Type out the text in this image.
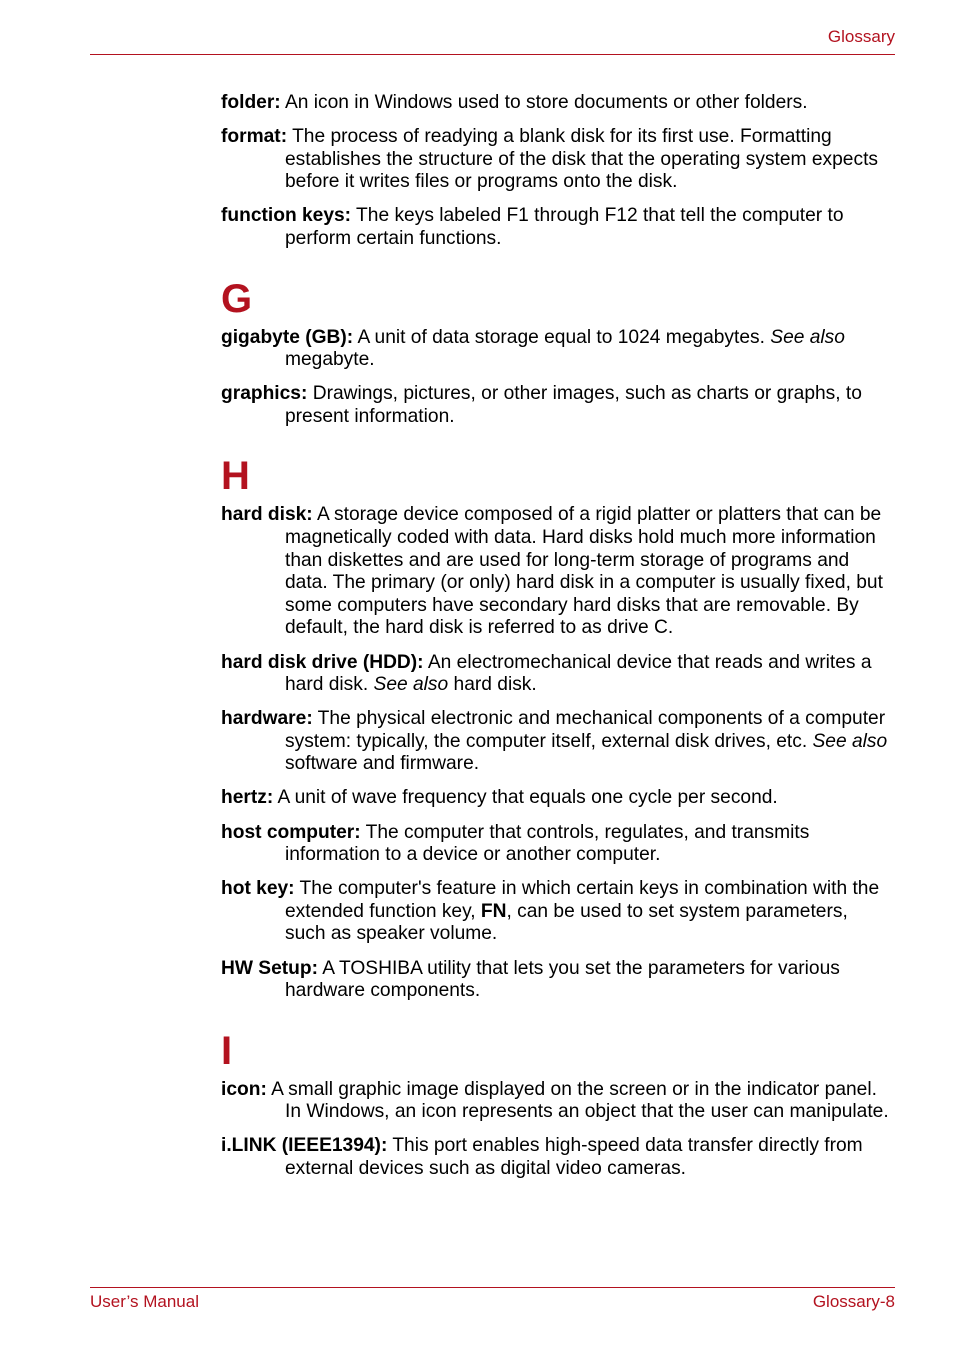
Glossary

folder: An icon in Windows used to store documents or other folders.

format: The process of readying a blank disk for its first use. Formatting establishes the structure of the disk that the operating system expects before it writes files or programs onto the disk.

function keys: The keys labeled F1 through F12 that tell the computer to perform certain functions.

G

gigabyte (GB): A unit of data storage equal to 1024 megabytes. See also megabyte.

graphics: Drawings, pictures, or other images, such as charts or graphs, to present information.

H

hard disk: A storage device composed of a rigid platter or platters that can be magnetically coded with data. Hard disks hold much more information than diskettes and are used for long-term storage of programs and data. The primary (or only) hard disk in a computer is usually fixed, but some computers have secondary hard disks that are removable. By default, the hard disk is referred to as drive C.

hard disk drive (HDD): An electromechanical device that reads and writes a hard disk. See also hard disk.

hardware: The physical electronic and mechanical components of a computer system: typically, the computer itself, external disk drives, etc. See also software and firmware.

hertz: A unit of wave frequency that equals one cycle per second.

host computer: The computer that controls, regulates, and transmits information to a device or another computer.

hot key: The computer's feature in which certain keys in combination with the extended function key, FN, can be used to set system parameters, such as speaker volume.

HW Setup: A TOSHIBA utility that lets you set the parameters for various hardware components.

I

icon: A small graphic image displayed on the screen or in the indicator panel. In Windows, an icon represents an object that the user can manipulate.

i.LINK (IEEE1394): This port enables high-speed data transfer directly from external devices such as digital video cameras.

User’s Manual	Glossary-8
